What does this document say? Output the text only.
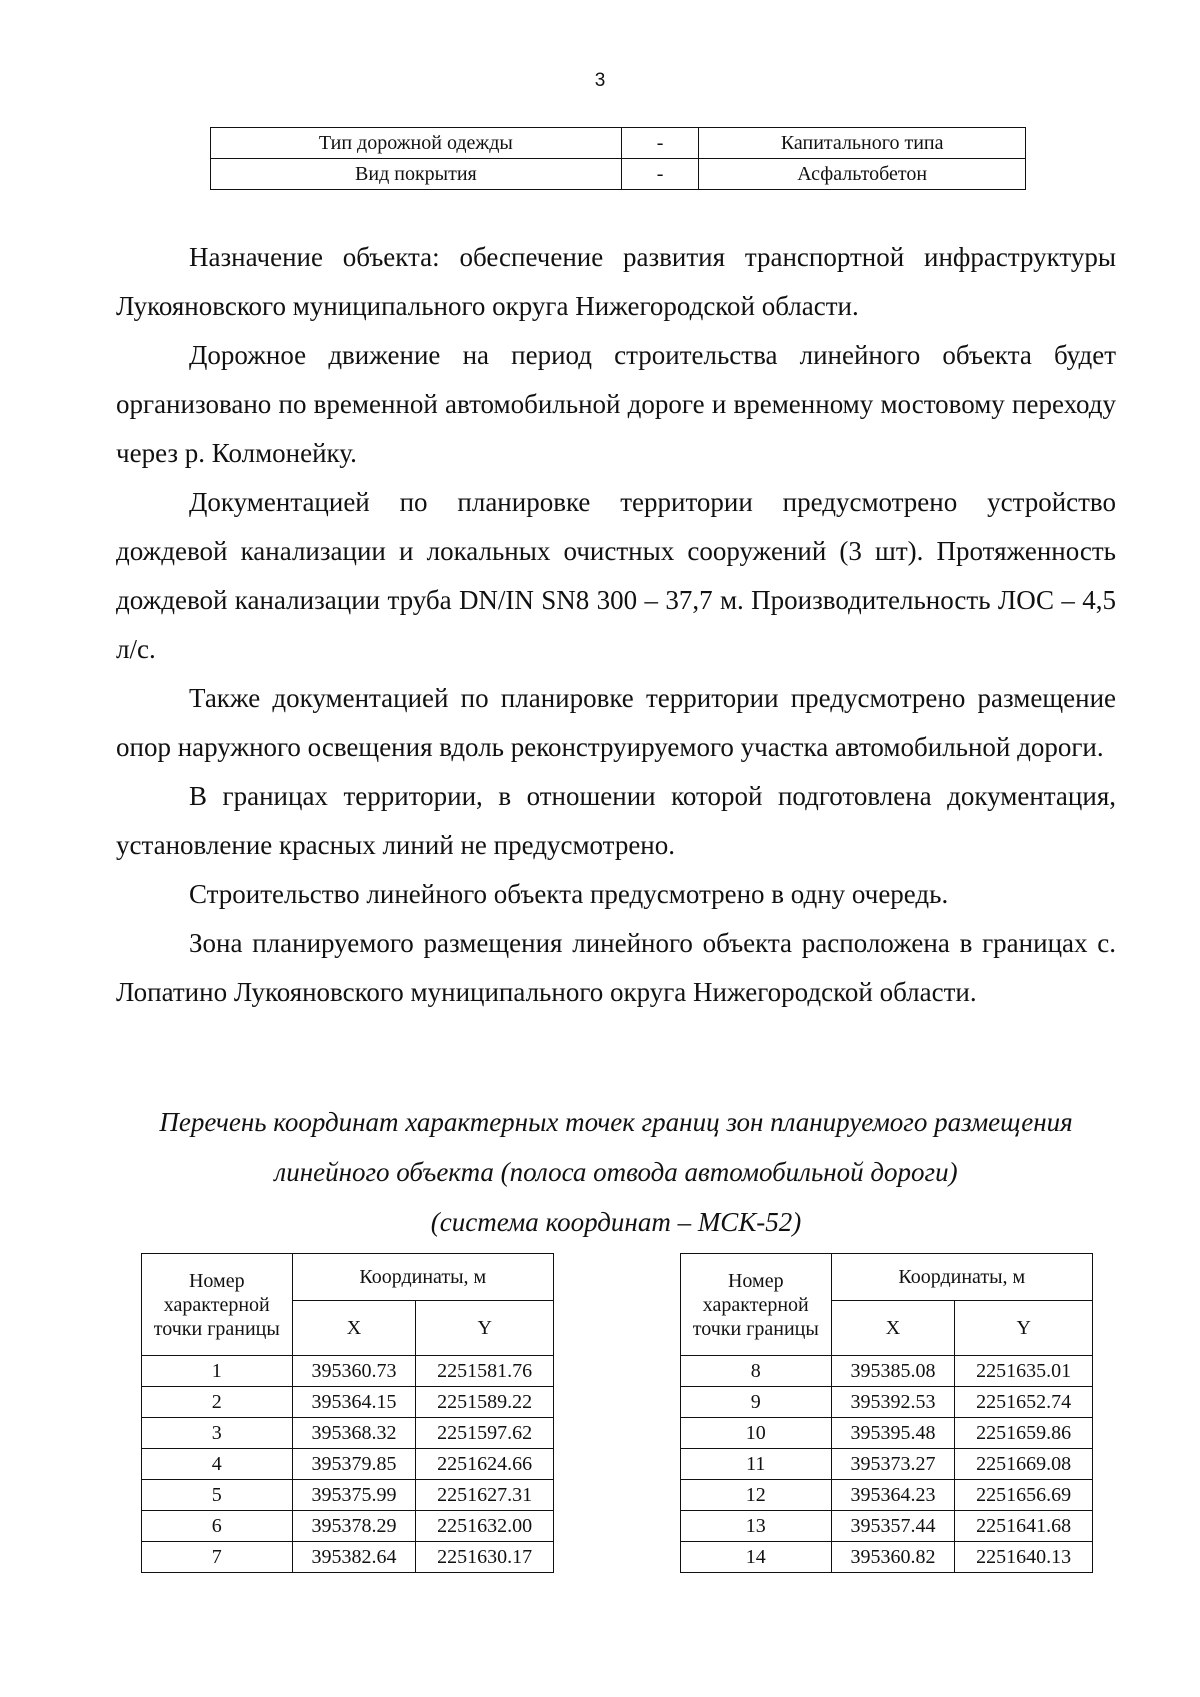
3
Тип дорожной одежды	-	Капитального типа
Вид покрытия	-	Асфальтобетон

Назначение объекта: обеспечение развития транспортной инфраструктуры Лукояновского муниципального округа Нижегородской области.

Дорожное движение на период строительства линейного объекта будет организовано по временной автомобильной дороге и временному мостовому переходу через р. Колмонейку.

Документацией по планировке территории предусмотрено устройство дождевой канализации и локальных очистных сооружений (3 шт). Протяженность дождевой канализации труба DN/IN SN8 300 – 37,7 м. Производительность ЛОС – 4,5 л/с.

Также документацией по планировке территории предусмотрено размещение опор наружного освещения вдоль реконструируемого участка автомобильной дороги.

В границах территории, в отношении которой подготовлена документация, установление красных линий не предусмотрено.

Строительство линейного объекта предусмотрено в одну очередь.

Зона планируемого размещения линейного объекта расположена в границах с. Лопатино Лукояновского муниципального округа Нижегородской области.

Перечень координат характерных точек границ зон планируемого размещения
линейного объекта (полоса отвода автомобильной дороги)
(система координат – МСК-52)
Номер характерной точки границы	Координаты, м	
	X	Y
1	395360.73	2251581.76
2	395364.15	2251589.22
3	395368.32	2251597.62
4	395379.85	2251624.66
5	395375.99	2251627.31
6	395378.29	2251632.00
7	395382.64	2251630.17
Номер характерной точки границы	Координаты, м	
	X	Y
8	395385.08	2251635.01
9	395392.53	2251652.74
10	395395.48	2251659.86
11	395373.27	2251669.08
12	395364.23	2251656.69
13	395357.44	2251641.68
14	395360.82	2251640.13
